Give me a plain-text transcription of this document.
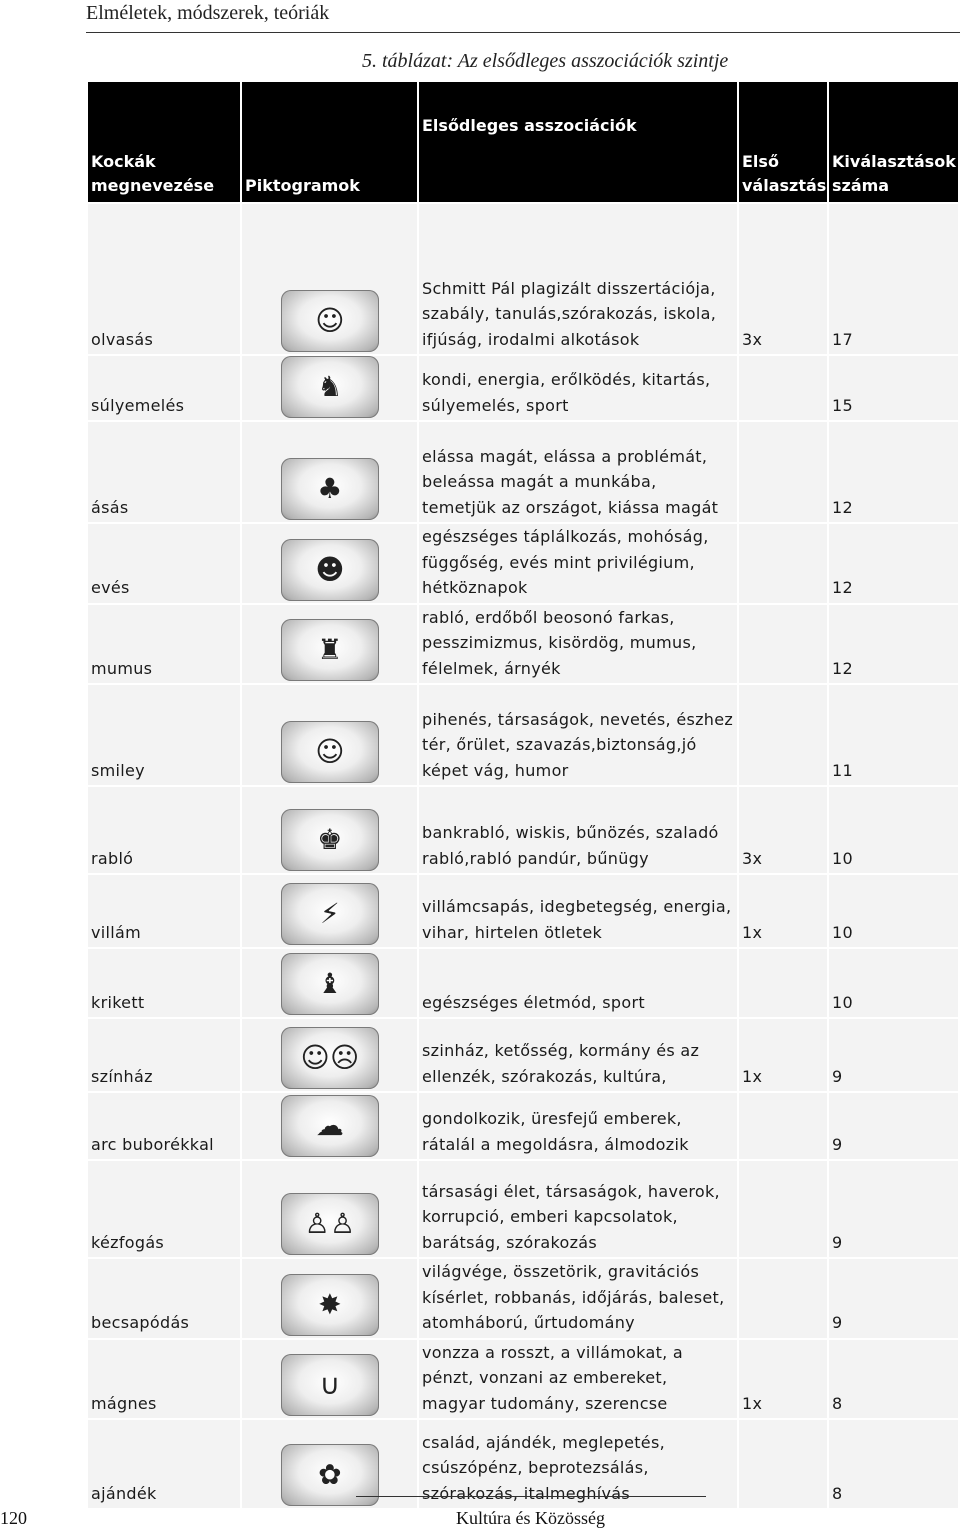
Elméletek, módszerek, teóriák
5. táblázat: Az elsődleges asszociációk szintje
Kockák megnevezése	Piktogramok	Elsődleges asszociációk	Első választás	Kiválasztások száma
olvasás	☺	Schmitt Pál plagizált disszertációja, szabály, tanulás,szórakozás, iskola, ifjúság, irodalmi alkotások	3x	17
súlyemelés	♞	kondi, energia, erőlködés, kitartás, súlyemelés, sport		15
ásás	♣	elássa magát, elássa a problémát, beleássa magát a munkába, temetjük az országot, kiássa magát		12
evés	☻	egészséges táplálkozás, mohóság, függőség, evés mint privilégium, hétköznapok		12
mumus	♜	rabló, erdőből beosonó farkas, pesszimizmus, kisördög, mumus, félelmek, árnyék		12
smiley	☺	pihenés, társaságok, nevetés, észhez tér, őrület, szavazás,biztonság,jó képet vág, humor		11
rabló	♚	bankrabló, wiskis, bűnözés, szaladó rabló,rabló pandúr, bűnügy	3x	10
villám	⚡	villámcsapás, idegbetegség, energia, vihar, hirtelen ötletek	1x	10
krikett	♝	egészséges életmód, sport		10
színház	☺☹	szinház, ketősség, kormány és az ellenzék, szórakozás, kultúra,	1x	9
arc buborékkal	☁	gondolkozik, üresfejű emberek, rátalál a megoldásra, álmodozik		9
kézfogás	♙♙	társasági élet, társaságok, haverok, korrupció, emberi kapcsolatok, barátság, szórakozás		9
becsapódás	✸	világvége, összetörik, gravitációs kísérlet, robbanás, időjárás, baleset, atomháború, űrtudomány		9
mágnes	∪	vonzza a rosszt, a villámokat, a pénzt, vonzani az embereket, magyar tudomány, szerencse	1x	8
ajándék	✿	család, ajándék, meglepetés, csúszópénz, beprotezsálás, szórakozás, italmeghívás		8
120	Kultúra és Közösség
